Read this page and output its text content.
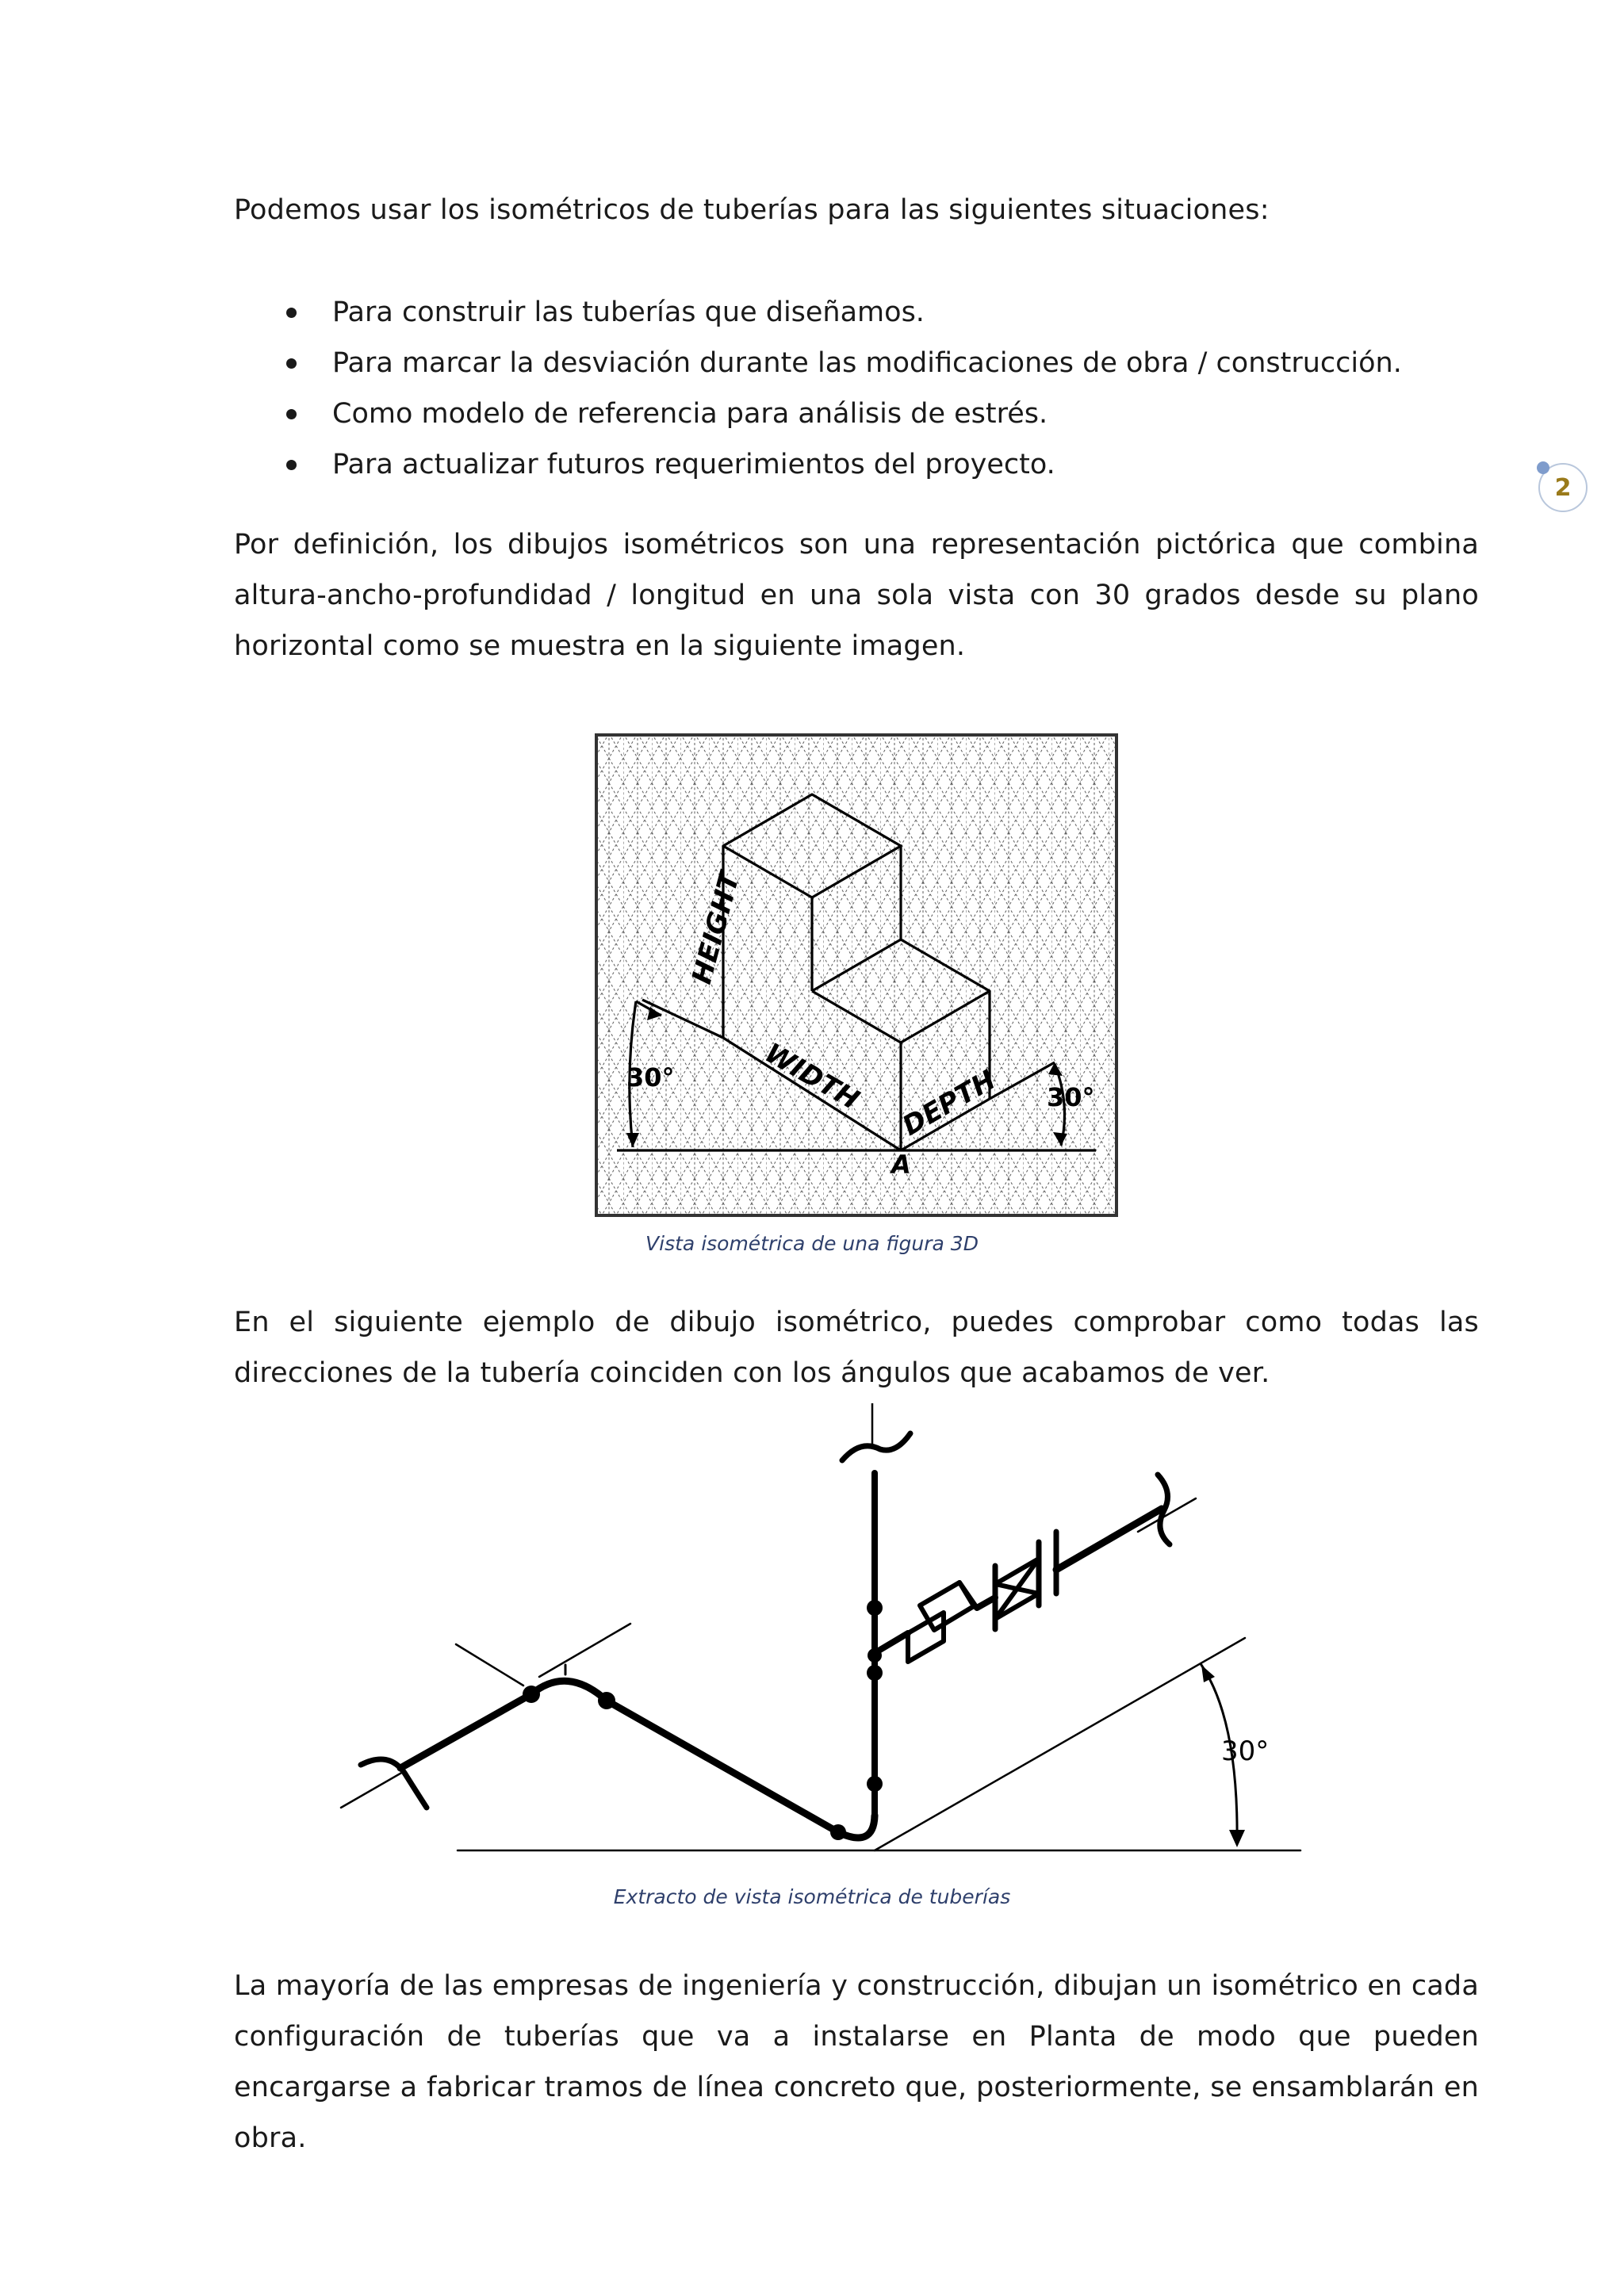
Podemos usar los isométricos de tuberías para las siguientes situaciones:

Para construir las tuberías que diseñamos.
Para marcar la desviación durante las modificaciones de obra / construcción.
Como modelo de referencia para análisis de estrés.
Para actualizar futuros requerimientos del proyecto.
2

Por definición, los dibujos isométricos son una representación pictórica que combina altura-ancho-profundidad / longitud en una sola vista con 30 grados desde su plano horizontal como se muestra en la siguiente imagen.

HEIGHT
WIDTH DEPTH
30°
30°
A
Vista isométrica de una figura 3D

En el siguiente ejemplo de dibujo isométrico, puedes comprobar como todas las direcciones de la tubería coinciden con los ángulos que acabamos de ver.

30°
Extracto de vista isométrica de tuberías

La mayoría de las empresas de ingeniería y construcción, dibujan un isométrico en cada configuración de tuberías que va a instalarse en Planta de modo que pueden encargarse a fabricar tramos de línea concreto que, posteriormente, se ensamblarán en obra.
